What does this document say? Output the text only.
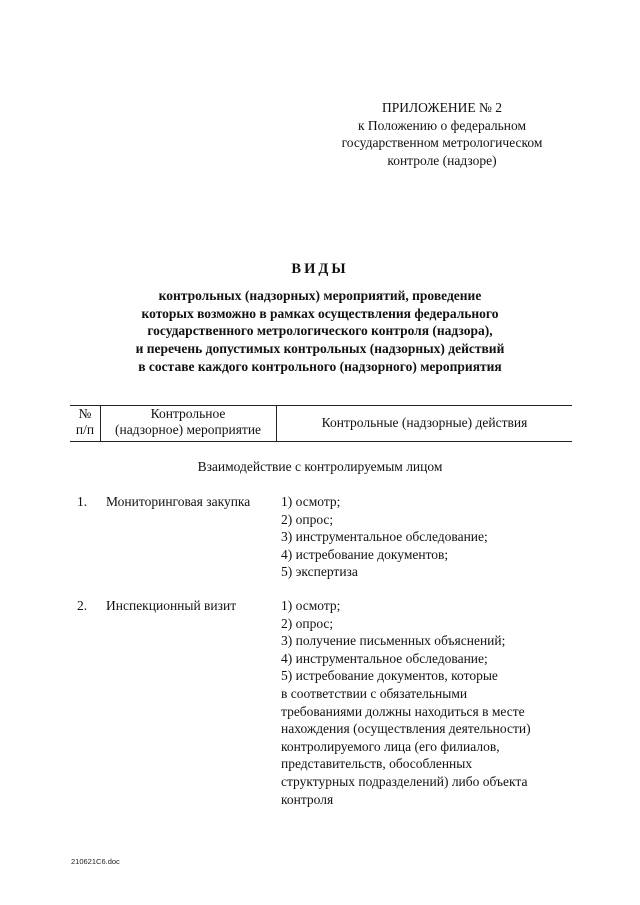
ПРИЛОЖЕНИЕ № 2
к Положению о федеральном
государственном метрологическом
контроле (надзоре)
ВИДЫ
контрольных (надзорных) мероприятий, проведение
которых возможно в рамках осуществления федерального
государственного метрологического контроля (надзора),
и перечень допустимых контрольных (надзорных) действий
в составе каждого контрольного (надзорного) мероприятия
№
п/п
Контрольное
(надзорное) мероприятие	Контрольные (надзорные) действия
Взаимодействие с контролируемым лицом
1. Мониторинговая закупка 1) осмотр;
2) опрос;
3) инструментальное обследование;
4) истребование документов;
5) экспертиза
2. Инспекционный визит	1) осмотр;
2) опрос;
3) получение письменных объяснений;
4) инструментальное обследование;
5) истребование документов, которые
в соответствии с обязательными
требованиями должны находиться в месте
нахождения (осуществления деятельности)
контролируемого лица (его филиалов,
представительств, обособленных
структурных подразделений) либо объекта
контроля
210621C6.doc
